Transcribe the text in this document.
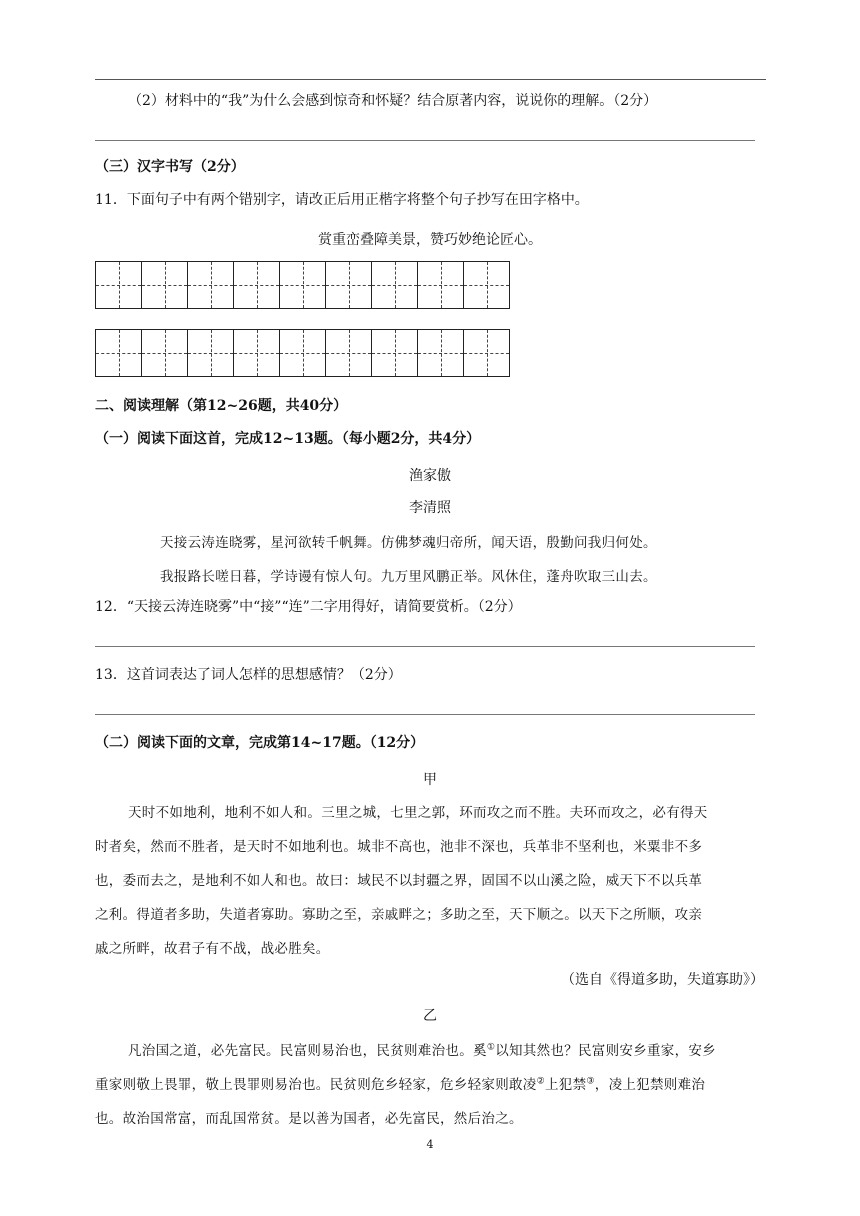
（2）材料中的“我”为什么会感到惊奇和怀疑？结合原著内容，说说你的理解。（2分）
（三）汉字书写（2分）
11．下面句子中有两个错别字，请改正后用正楷字将整个句子抄写在田字格中。
赏重峦叠障美景，赞巧妙绝论匠心。
二、阅读理解（第12~26题，共40分）
（一）阅读下面这首，完成12~13题。（每小题2分，共4分）
渔家傲
李清照
天接云涛连晓雾，星河欲转千帆舞。仿佛梦魂归帝所，闻天语，殷勤问我归何处。
我报路长嗟日暮，学诗谩有惊人句。九万里风鹏正举。风休住，蓬舟吹取三山去。
12．“天接云涛连晓雾”中“接”“连”二字用得好，请简要赏析。（2分）
13．这首词表达了词人怎样的思想感情？（2分）
（二）阅读下面的文章，完成第14~17题。（12分）
甲
天时不如地利，地利不如人和。三里之城，七里之郭，环而攻之而不胜。夫环而攻之，必有得天
时者矣，然而不胜者，是天时不如地利也。城非不高也，池非不深也，兵革非不坚利也，米粟非不多
也，委而去之，是地利不如人和也。故曰：域民不以封疆之界，固国不以山溪之险，威天下不以兵革
之利。得道者多助，失道者寡助。寡助之至，亲戚畔之；多助之至，天下顺之。以天下之所顺，攻亲
戚之所畔，故君子有不战，战必胜矣。
（选自《得道多助，失道寡助》）
乙
凡治国之道，必先富民。民富则易治也，民贫则难治也。奚①以知其然也？民富则安乡重家，安乡
重家则敬上畏罪，敬上畏罪则易治也。民贫则危乡轻家，危乡轻家则敢凌②上犯禁③，凌上犯禁则难治
也。故治国常富，而乱国常贫。是以善为国者，必先富民，然后治之。
4
